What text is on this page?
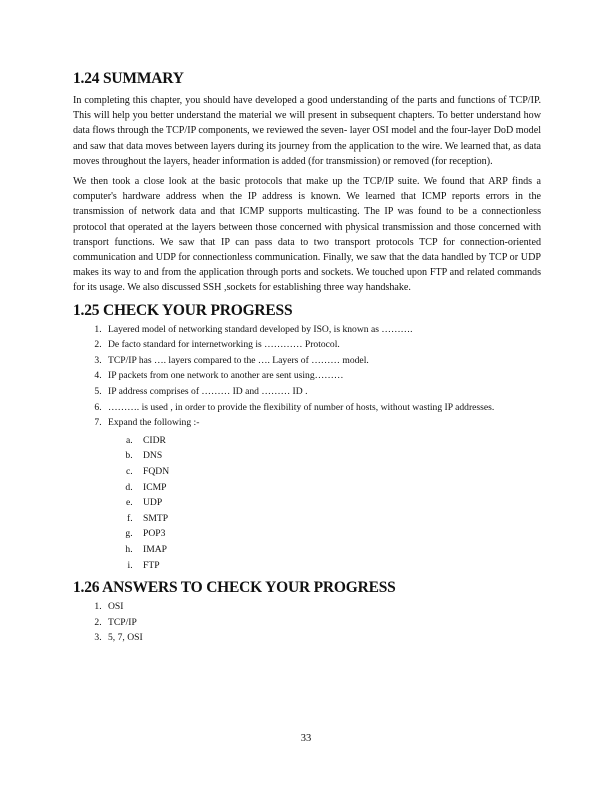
1.24 SUMMARY

In completing this chapter, you should have developed a good understanding of the parts and functions of TCP/IP. This will help you better understand the material we will present in subsequent chapters. To better understand how data flows through the TCP/IP components, we reviewed the seven- layer OSI model and the four-layer DoD model and saw that data moves between layers during its journey from the application to the wire. We learned that, as data moves throughout the layers, header information is added (for transmission) or removed (for reception).

We then took a close look at the basic protocols that make up the TCP/IP suite. We found that ARP finds a computer's hardware address when the IP address is known. We learned that ICMP reports errors in the transmission of network data and that ICMP supports multicasting. The IP was found to be a connectionless protocol that operated at the layers between those concerned with physical transmission and those concerned with transport functions. We saw that IP can pass data to two transport protocols TCP for connection-oriented communication and UDP for connectionless communication. Finally, we saw that the data handled by TCP or UDP makes its way to and from the application through ports and sockets. We touched upon FTP and related commands for its usage. We also discussed SSH ,sockets for establishing three way handshake.

1.25 CHECK YOUR PROGRESS
1. Layered model of networking standard developed by ISO, is known as ……….
2. De facto standard for internetworking is ………… Protocol.
3. TCP/IP has …. layers compared to the …. Layers of ……… model.
4. IP packets from one network to another are sent using………
5. IP address comprises of ……… ID and ……… ID .
6. ………. is used , in order to provide the flexibility of number of hosts, without wasting IP addresses.
7. Expand the following :-
a. CIDR
b. DNS
c. FQDN
d. ICMP
e. UDP
f. SMTP
g. POP3
h. IMAP
i. FTP
1.26 ANSWERS TO CHECK YOUR PROGRESS
1. OSI
2. TCP/IP
3. 5, 7, OSI
33
